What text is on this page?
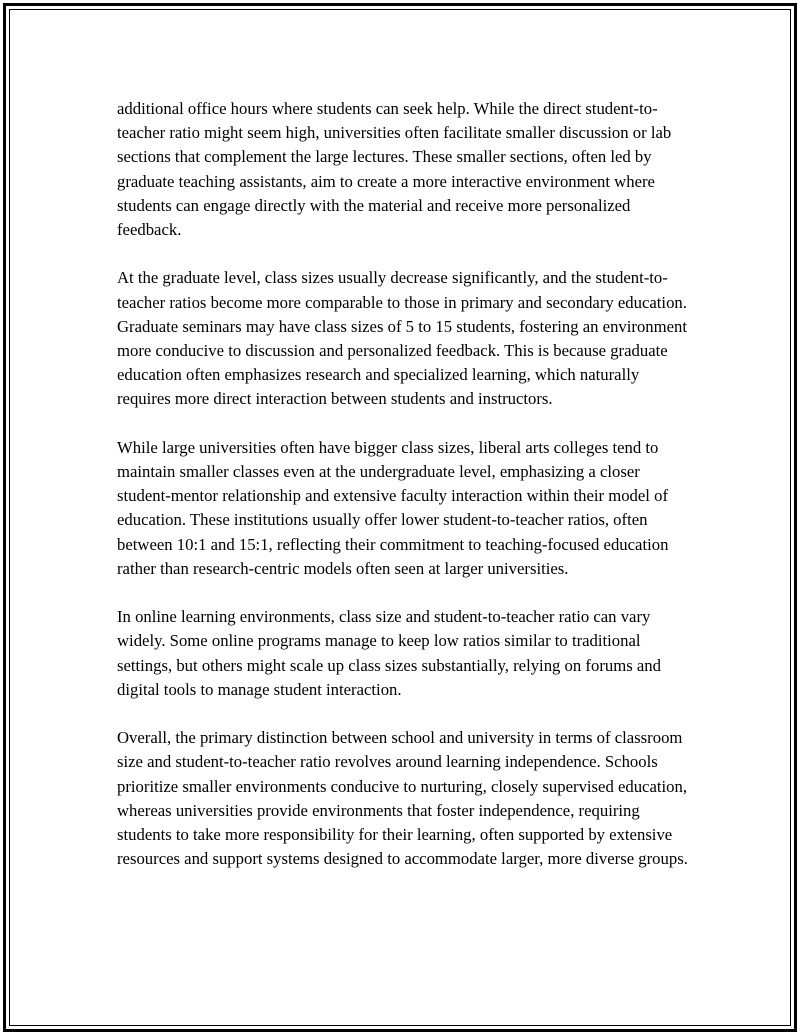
additional office hours where students can seek help. While the direct student-to-teacher ratio might seem high, universities often facilitate smaller discussion or lab sections that complement the large lectures. These smaller sections, often led by graduate teaching assistants, aim to create a more interactive environment where students can engage directly with the material and receive more personalized feedback.

At the graduate level, class sizes usually decrease significantly, and the student-to-teacher ratios become more comparable to those in primary and secondary education. Graduate seminars may have class sizes of 5 to 15 students, fostering an environment more conducive to discussion and personalized feedback. This is because graduate education often emphasizes research and specialized learning, which naturally requires more direct interaction between students and instructors.

While large universities often have bigger class sizes, liberal arts colleges tend to maintain smaller classes even at the undergraduate level, emphasizing a closer student-mentor relationship and extensive faculty interaction within their model of education. These institutions usually offer lower student-to-teacher ratios, often between 10:1 and 15:1, reflecting their commitment to teaching-focused education rather than research-centric models often seen at larger universities.

In online learning environments, class size and student-to-teacher ratio can vary widely. Some online programs manage to keep low ratios similar to traditional settings, but others might scale up class sizes substantially, relying on forums and digital tools to manage student interaction.

Overall, the primary distinction between school and university in terms of classroom size and student-to-teacher ratio revolves around learning independence. Schools prioritize smaller environments conducive to nurturing, closely supervised education, whereas universities provide environments that foster independence, requiring students to take more responsibility for their learning, often supported by extensive resources and support systems designed to accommodate larger, more diverse groups.
